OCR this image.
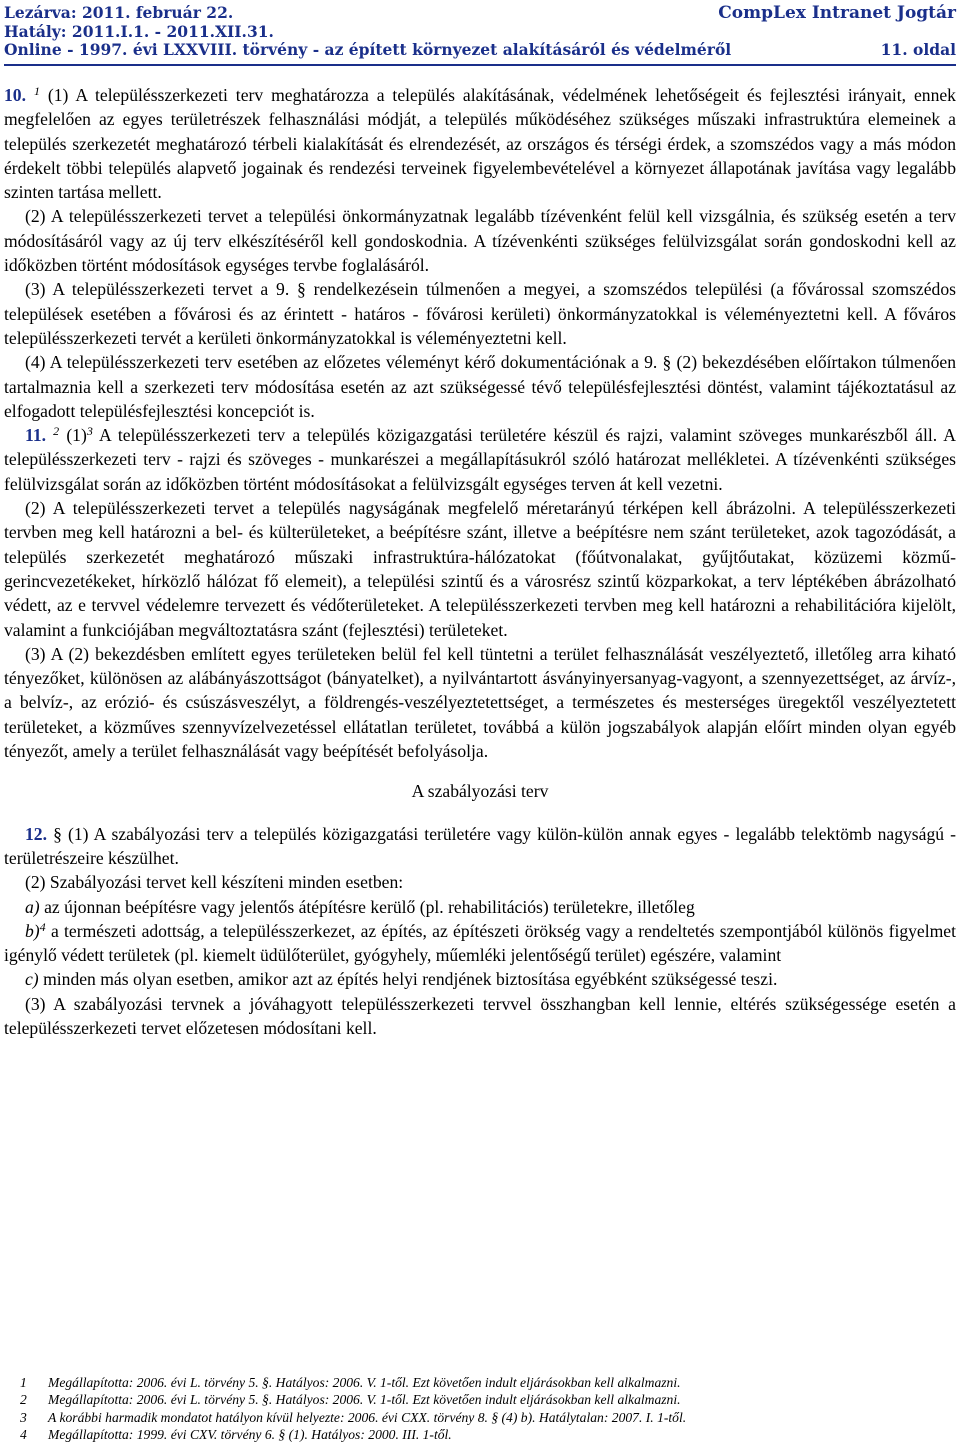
Lezárva: 2011. február 22.	CompLex Intranet Jogtár
Hatály: 2011.I.1. - 2011.XII.31.
Online - 1997. évi LXXVIII. törvény - az épített környezet alakításáról és védelméről	11. oldal

10. $^1$ (1) A településszerkezeti terv meghatározza a település alakításának, védelmének lehetőségeit és fejlesztési irányait, ennek megfelelően az egyes területrészek felhasználási módját, a település működéséhez szükséges műszaki infrastruktúra elemeinek a település szerkezetét meghatározó térbeli kialakítását és elrendezését, az országos és térségi érdek, a szomszédos vagy a más módon érdekelt többi település alapvető jogainak és rendezési terveinek figyelembevételével a környezet állapotának javítása vagy legalább szinten tartása mellett.

(2) A településszerkezeti tervet a települési önkormányzatnak legalább tízévenként felül kell vizsgálnia, és szükség esetén a terv módosításáról vagy az új terv elkészítéséről kell gondoskodnia. A tízévenkénti szükséges felülvizsgálat során gondoskodni kell az időközben történt módosítások egységes tervbe foglalásáról.

(3) A településszerkezeti tervet a 9. § rendelkezésein túlmenően a megyei, a szomszédos települési (a fővárossal szomszédos települések esetében a fővárosi és az érintett - határos - fővárosi kerületi) önkormányzatokkal is véleményeztetni kell. A főváros településszerkezeti tervét a kerületi önkormányzatokkal is véleményeztetni kell.

(4) A településszerkezeti terv esetében az előzetes véleményt kérő dokumentációnak a 9. § (2) bekezdésében előírtakon túlmenően tartalmaznia kell a szerkezeti terv módosítása esetén az azt szükségessé tévő településfejlesztési döntést, valamint tájékoztatásul az elfogadott településfejlesztési koncepciót is.

11. $^2$ $(1)^3$ A településszerkezeti terv a település közigazgatási területére készül és rajzi, valamint szöveges munkarészből áll. A településszerkezeti terv - rajzi és szöveges - munkarészei a megállapításukról szóló határozat mellékletei. A tízévenkénti szükséges felülvizsgálat során az időközben történt módosításokat a felülvizsgált egységes terven át kell vezetni.

(2) A településszerkezeti tervet a település nagyságának megfelelő méretarányú térképen kell ábrázolni. A településszerkezeti tervben meg kell határozni a bel- és külterületeket, a beépítésre szánt, illetve a beépítésre nem szánt területeket, azok tagozódását, a település szerkezetét meghatározó műszaki infrastruktúra-hálózatokat (főútvonalakat, gyűjtőutakat, közüzemi közmű-gerincvezetékeket, hírközlő hálózat fő elemeit), a települési szintű és a városrész szintű közparkokat, a terv léptékében ábrázolható védett, az e tervvel védelemre tervezett és védőterületeket. A településszerkezeti tervben meg kell határozni a rehabilitációra kijelölt, valamint a funkciójában megváltoztatásra szánt (fejlesztési) területeket.

(3) A (2) bekezdésben említett egyes területeken belül fel kell tüntetni a terület felhasználását veszélyeztető, illetőleg arra kiható tényezőket, különösen az alábányászottságot (bányatelket), a nyilvántartott ásványinyersanyag-vagyont, a szennyezettséget, az árvíz-, a belvíz-, az erózió- és csúszásveszélyt, a földrengés-veszélyeztetettséget, a természetes és mesterséges üregektől veszélyeztetett területeket, a közműves szennyvízelvezetéssel ellátatlan területet, továbbá a külön jogszabályok alapján előírt minden olyan egyéb tényezőt, amely a terület felhasználását vagy beépítését befolyásolja.

A szabályozási terv

12. § (1) A szabályozási terv a település közigazgatási területére vagy külön-külön annak egyes - legalább telektömb nagyságú - területrészeire készülhet.

(2) Szabályozási tervet kell készíteni minden esetben:

a) az újonnan beépítésre vagy jelentős átépítésre kerülő (pl. rehabilitációs) területekre, illetőleg

b)$^4$ a természeti adottság, a településszerkezet, az építés, az építészeti örökség vagy a rendeltetés szempontjából különös figyelmet igénylő védett területek (pl. kiemelt üdülőterület, gyógyhely, műemléki jelentőségű terület) egészére, valamint

c) minden más olyan esetben, amikor azt az építés helyi rendjének biztosítása egyébként szükségessé teszi.

(3) A szabályozási tervnek a jóváhagyott településszerkezeti tervvel összhangban kell lennie, eltérés szükségessége esetén a településszerkezeti tervet előzetesen módosítani kell.

1 Megállapította: 2006. évi L. törvény 5. §. Hatályos: 2006. V. 1-től. Ezt követően indult eljárásokban kell alkalmazni.
2 Megállapította: 2006. évi L. törvény 5. §. Hatályos: 2006. V. 1-től. Ezt követően indult eljárásokban kell alkalmazni.
3 A korábbi harmadik mondatot hatályon kívül helyezte: 2006. évi CXX. törvény 8. § (4) b). Hatálytalan: 2007. I. 1-től.
4 Megállapította: 1999. évi CXV. törvény 6. § (1). Hatályos: 2000. III. 1-től.
